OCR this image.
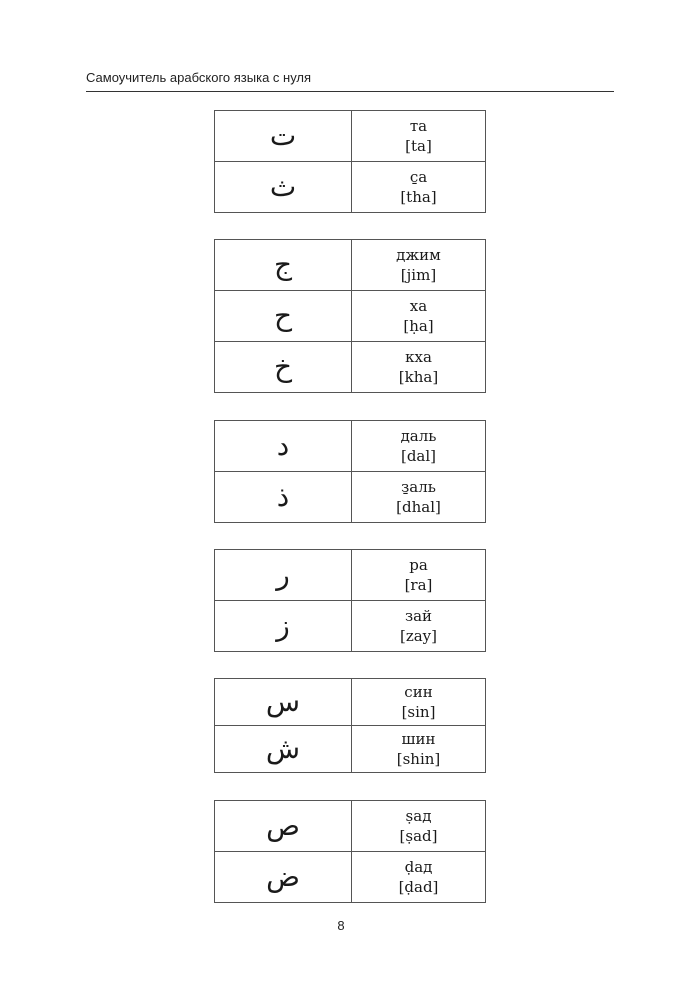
Самоучитель арабского языка с нуля
ت	та
[ta]

ث	с̱а
[tha]
ج	джим
[jim]

ح	ха
[ḥa]

خ	кха
[kha]
د	даль
[dal]

ذ	з̱аль
[dhal]
ر	ра
[ra]

ز	зай
[zay]
س	син
[sin]

ش	шин
[shin]
ص	ṣад
[ṣad]

ض	ḍад
[ḍad]
8
